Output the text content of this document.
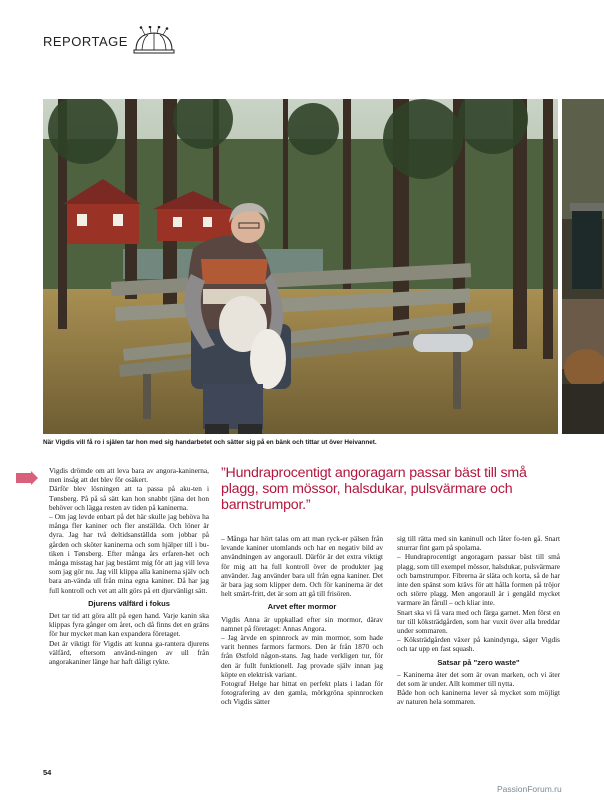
REPORTAGE
När Vigdis vill få ro i själen tar hon med sig handarbetet och sätter sig på en bänk och tittar ut över Heivannet.

Vigdis drömde om att leva bara av angora-kaninerna, men insåg att det blev för osäkert.

Därför blev lösningen att ta passa på aku-ten i Tønsberg. På på så sätt kan hon snabbt tjäna det hon behöver och lägga resten av tiden på kaninerna.

– Om jag levde enbart på det här skulle jag behöva ha många fler kaniner och fler anställda. Och löner är dyra. Jag har två deltidsanställda som jobbar på gården och sköter kaninerna och som hjälper till i bu-tiken i Tønsberg. Efter många års erfaren-het och många misstag har jag bestämt mig för att jag vill leva som jag gör nu. Jag vill klippa alla kaninerna själv och bara an-vända ull från mina egna kaniner. Då har jag full kontroll och vet att allt görs på ett djurvänligt sätt.

Djurens välfärd i fokus

Det tar tid att göra allt på egen hand. Varje kanin ska klippas fyra gånger om året, och då finns det en gräns för hur mycket man kan expandera företaget.

Det är viktigt för Vigdis att kunna ga-rantera djurens välfärd, eftersom använd-ningen av ull från angorakaniner länge har haft dåligt rykte.

”Hundraprocentigt angoragarn passar bäst till små plagg, som mössor, halsdukar, pulsvärmare och barnstrumpor.”

– Många har hört talas om att man ryck-er pälsen från levande kaniner utomlands och har en negativ bild av användningen av angoraull. Därför är det extra viktigt för mig att ha full kontroll över de produkter jag använder. Jag använder bara ull från egna kaniner. Det är bara jag som klipper dem. Och för kaninerna är det helt smärt-fritt, det är som att gå till frisören.

Arvet efter mormor

Vigdis Anna är uppkallad efter sin mormor, därav namnet på företaget: Annas Angora.

– Jag ärvde en spinnrock av min mormor, som hade varit hennes farmors farmors. Den är från 1870 och från Østfold någon-stans. Jag hade verkligen tur, för den är fullt funktionell. Jag provade själv innan jag köpte en elektrisk variant.

Fotograf Helge har hittat en perfekt plats i ladan för fotografering av den gamla, mörkgröna spinnrocken och Vigdis sätter

sig till rätta med sin kaninull och låter fo-ten gå. Snart snurrar fint garn på spolarna.

– Hundraprocentigt angoragarn passar bäst till små plagg, som till exempel mössor, halsdukar, pulsvärmare och barnstrumpor. Fibrerna är släta och korta, så de har inte den spänst som krävs för att hålla formen på tröjor och större plagg. Men angoraull är i gengäld mycket varmare än fårull – och kliar inte.

Snart ska vi få vara med och färga garnet. Men först en tur till köksträdgården, som har vuxit över alla breddar under sommaren.

– Köksträdgården växer på kanindynga, säger Vigdis och tar upp en fast squash.

Satsar på "zero waste"

– Kaninerna äter det som är ovan marken, och vi äter det som är under. Allt kommer till nytta.

Både hon och kaninerna lever så mycket som möjligt av naturen hela sommaren.

54
PassionForum.ru
